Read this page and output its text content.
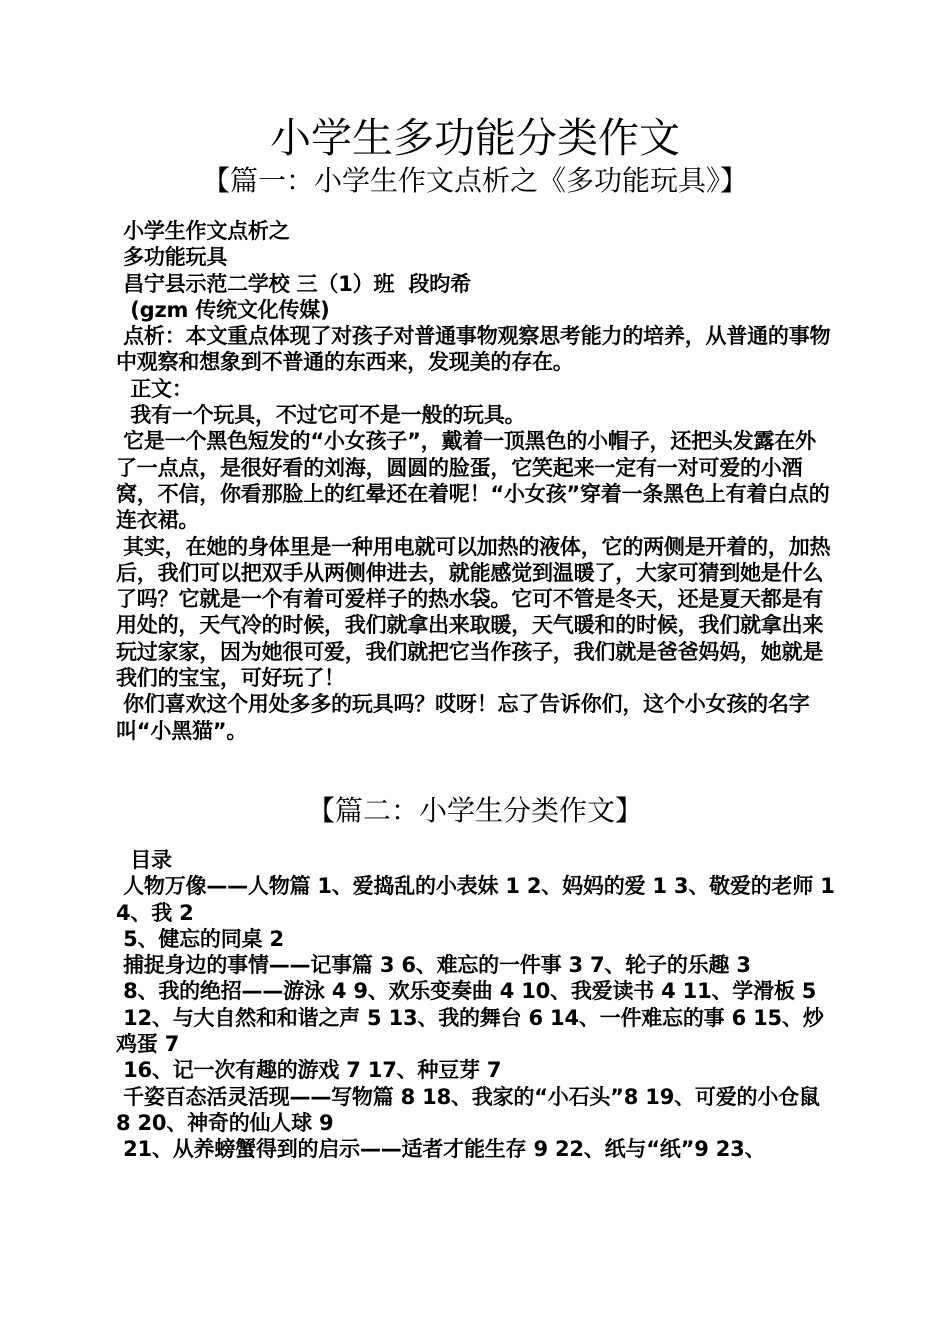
小学生多功能分类作文
【篇一：小学生作文点析之《多功能玩具》】

小学生作文点析之

多功能玩具

昌宁县示范二学校 三（1）班  段昀希

(gzm 传统文化传媒)

点析：本文重点体现了对孩子对普通事物观察思考能力的培养，从普通的事物中观察和想象到不普通的东西来，发现美的存在。

正文：

我有一个玩具，不过它可不是一般的玩具。

它是一个黑色短发的“小女孩子”，戴着一顶黑色的小帽子，还把头发露在外了一点点，是很好看的刘海，圆圆的脸蛋，它笑起来一定有一对可爱的小酒窝，不信，你看那脸上的红晕还在着呢！“小女孩”穿着一条黑色上有着白点的连衣裙。

其实，在她的身体里是一种用电就可以加热的液体，它的两侧是开着的，加热后，我们可以把双手从两侧伸进去，就能感觉到温暖了，大家可猜到她是什么了吗？它就是一个有着可爱样子的热水袋。它可不管是冬天，还是夏天都是有用处的，天气冷的时候，我们就拿出来取暖，天气暖和的时候，我们就拿出来玩过家家，因为她很可爱，我们就把它当作孩子，我们就是爸爸妈妈，她就是我们的宝宝，可好玩了！

你们喜欢这个用处多多的玩具吗？哎呀！忘了告诉你们，这个小女孩的名字叫“小黑猫”。

【篇二：小学生分类作文】

目录

人物万像——人物篇 1、爱捣乱的小表妹 1 2、妈妈的爱 1 3、敬爱的老师 1 4、我 2

5、健忘的同桌 2

捕捉身边的事情——记事篇 3 6、难忘的一件事 3 7、轮子的乐趣 3

8、我的绝招——游泳 4 9、欢乐变奏曲 4 10、我爱读书 4 11、学滑板 5

12、与大自然和和谐之声 5 13、我的舞台 6 14、一件难忘的事 6 15、炒鸡蛋 7

16、记一次有趣的游戏 7 17、种豆芽 7

千姿百态活灵活现——写物篇 8 18、我家的“小石头”8 19、可爱的小仓鼠 8 20、神奇的仙人球 9

21、从养螃蟹得到的启示——适者才能生存 9 22、纸与“纸”9 23、
